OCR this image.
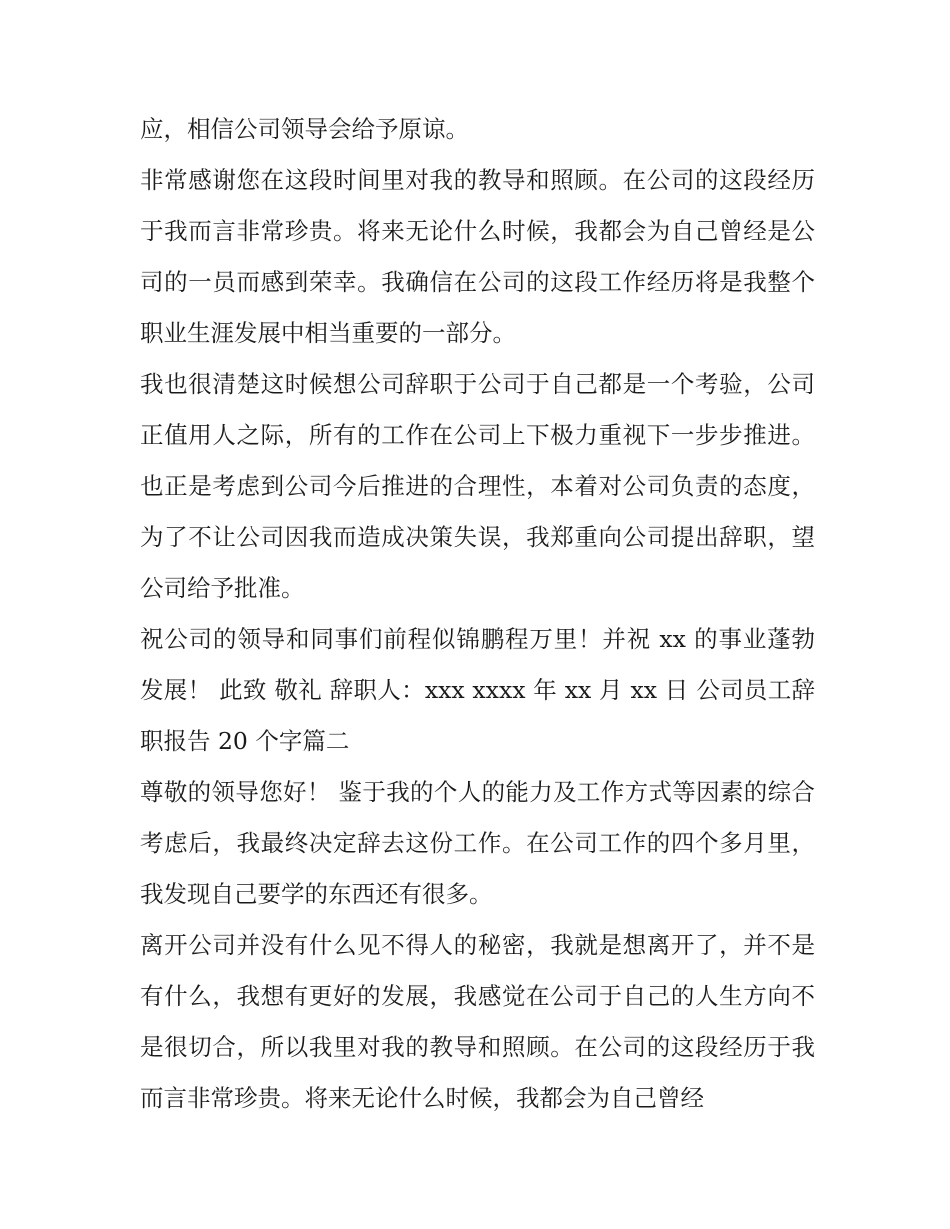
应，相信公司领导会给予原谅。

非常感谢您在这段时间里对我的教导和照顾。在公司的这段经历于我而言非常珍贵。将来无论什么时候，我都会为自己曾经是公司的一员而感到荣幸。我确信在公司的这段工作经历将是我整个职业生涯发展中相当重要的一部分。

我也很清楚这时候想公司辞职于公司于自己都是一个考验，公司正值用人之际，所有的工作在公司上下极力重视下一步步推进。也正是考虑到公司今后推进的合理性，本着对公司负责的态度，为了不让公司因我而造成决策失误，我郑重向公司提出辞职，望公司给予批准。

祝公司的领导和同事们前程似锦鹏程万里！并祝 xx 的事业蓬勃发展！ 此致 敬礼 辞职人：xxx xxxx 年 xx 月 xx 日 公司员工辞职报告 20 个字篇二

尊敬的领导您好！ 鉴于我的个人的能力及工作方式等因素的综合考虑后，我最终决定辞去这份工作。在公司工作的四个多月里，我发现自己要学的东西还有很多。

离开公司并没有什么见不得人的秘密，我就是想离开了，并不是有什么，我想有更好的发展，我感觉在公司于自己的人生方向不是很切合，所以我里对我的教导和照顾。在公司的这段经历于我而言非常珍贵。将来无论什么时候，我都会为自己曾经
